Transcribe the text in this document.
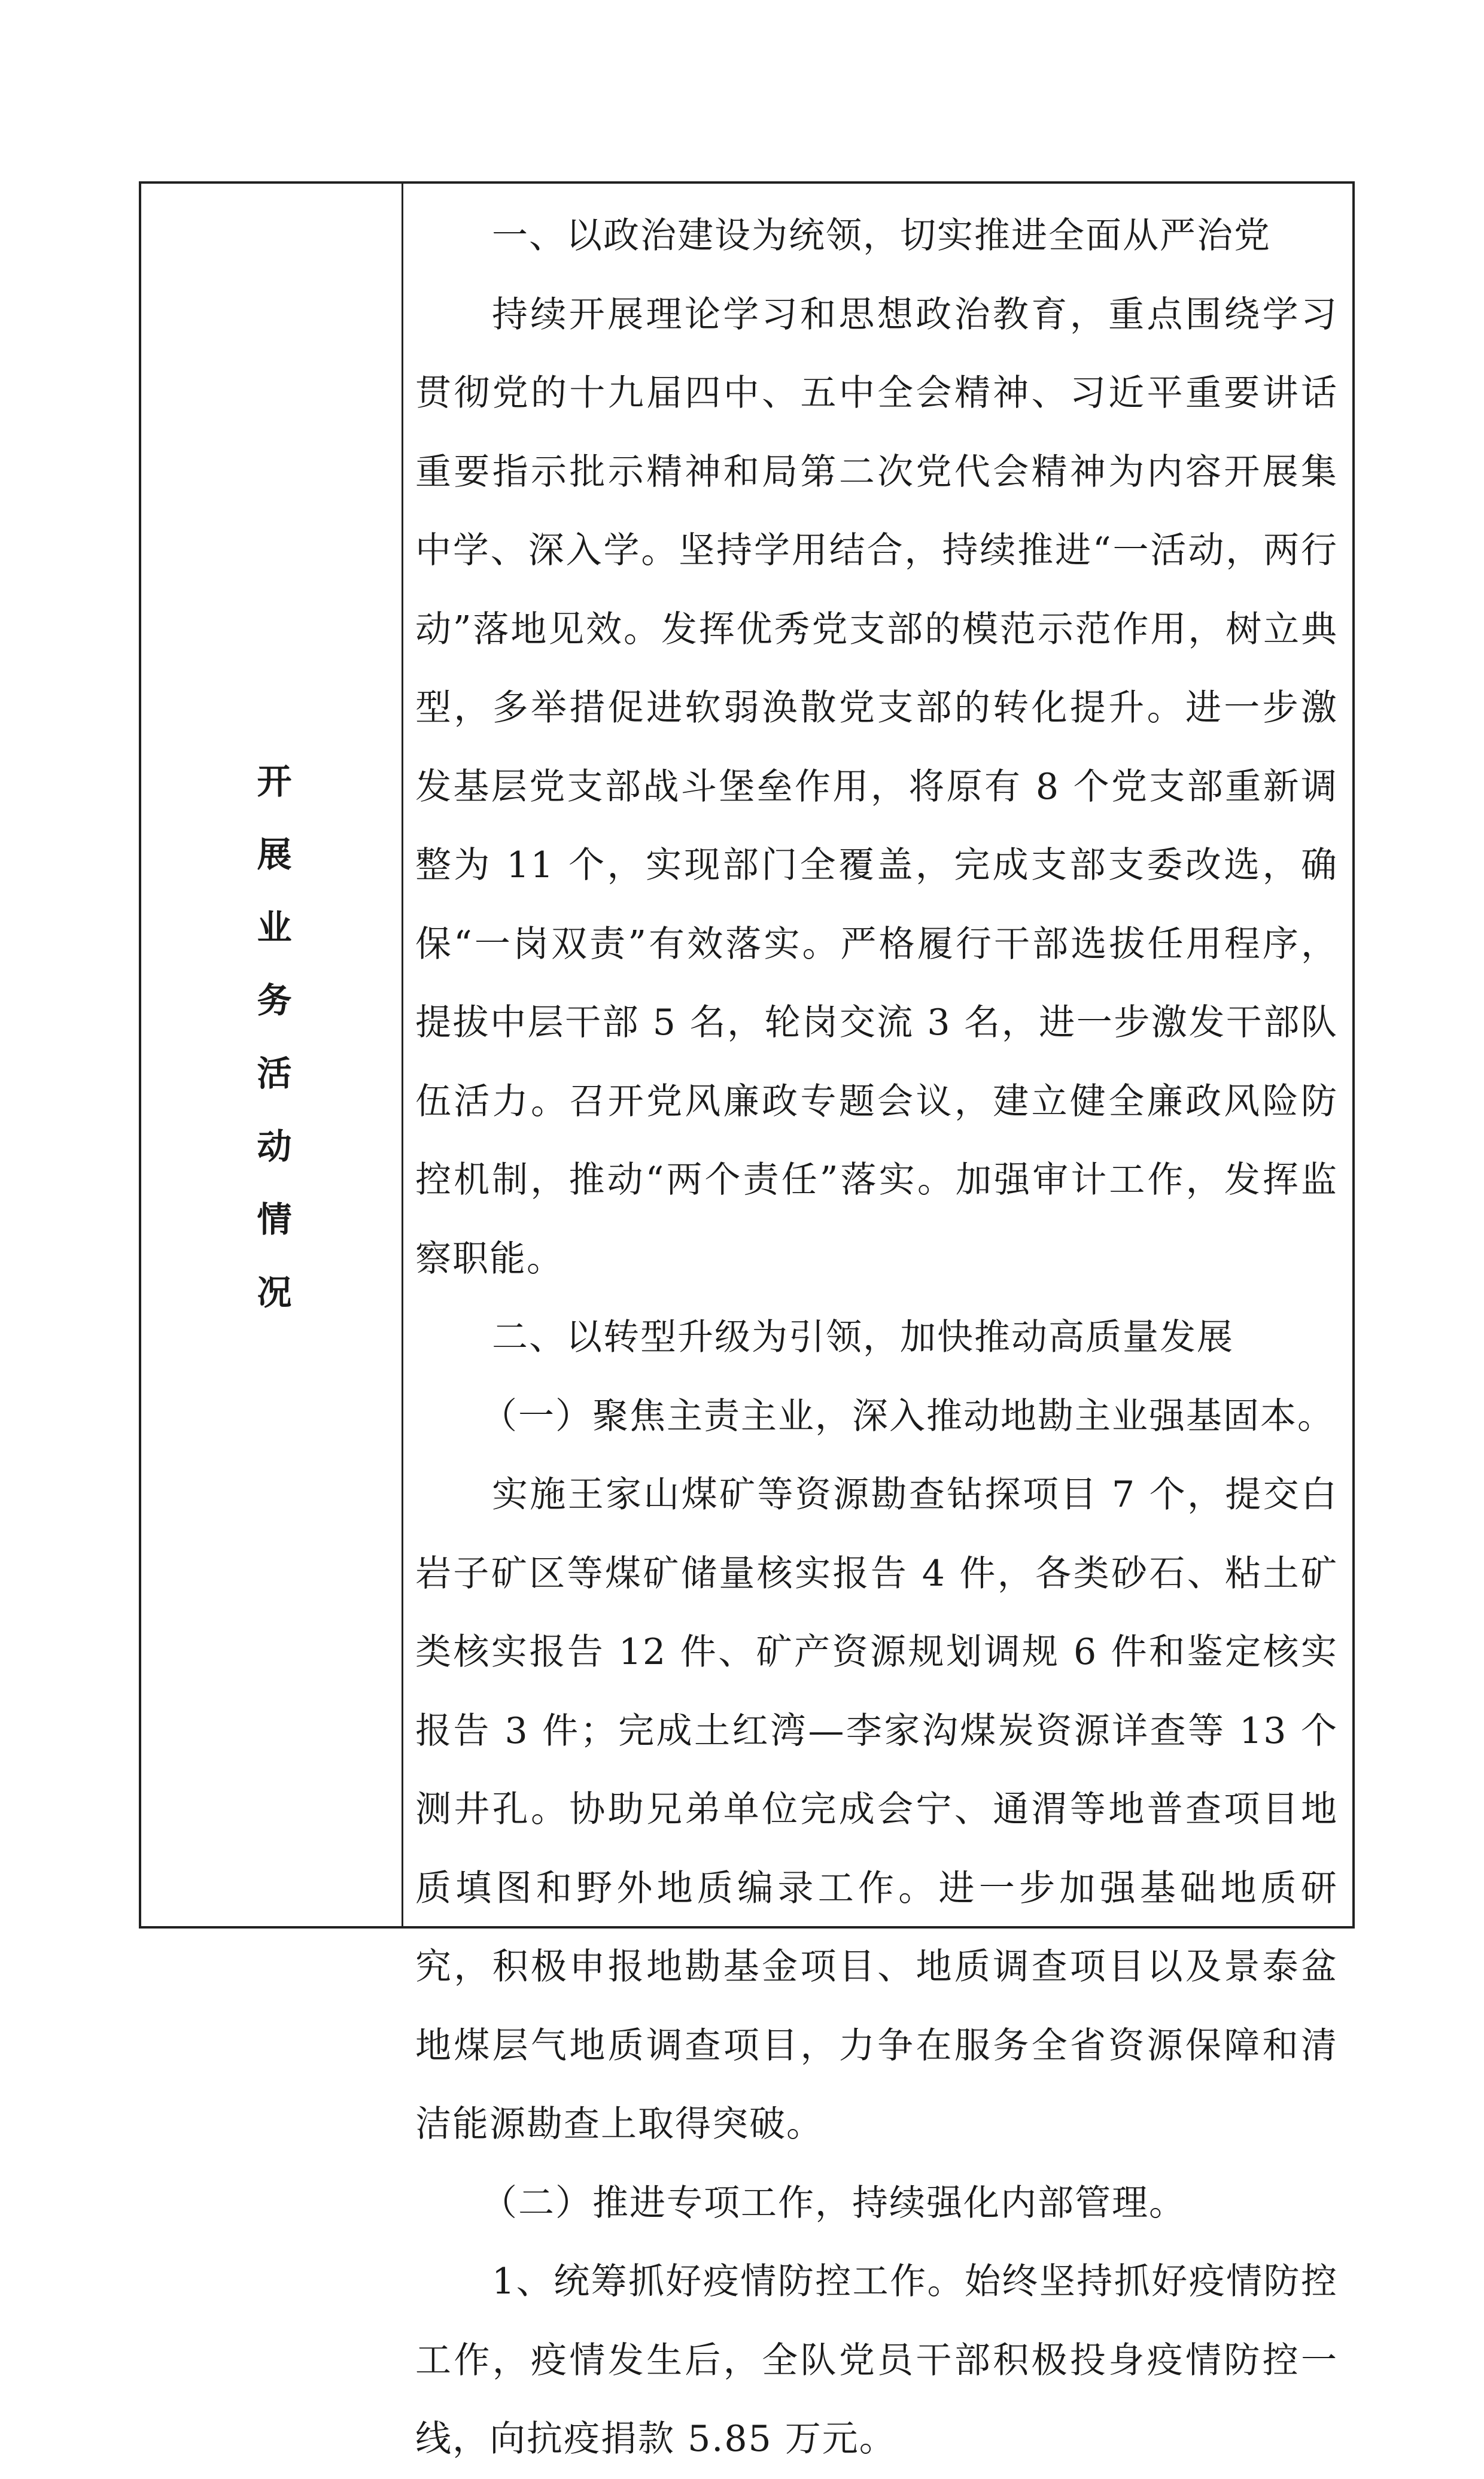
开展业务活动情况

一、以政治建设为统领，切实推进全面从严治党

持续开展理论学习和思想政治教育，重点围绕学习贯彻党的十九届四中、五中全会精神、习近平重要讲话重要指示批示精神和局第二次党代会精神为内容开展集中学、深入学。坚持学用结合，持续推进“一活动，两行动”落地见效。发挥优秀党支部的模范示范作用，树立典型，多举措促进软弱涣散党支部的转化提升。进一步激发基层党支部战斗堡垒作用，将原有 8 个党支部重新调整为 11 个，实现部门全覆盖，完成支部支委改选，确保“一岗双责”有效落实。严格履行干部选拔任用程序，提拔中层干部 5 名，轮岗交流 3 名，进一步激发干部队伍活力。召开党风廉政专题会议，建立健全廉政风险防控机制，推动“两个责任”落实。加强审计工作，发挥监察职能。

二、以转型升级为引领，加快推动高质量发展

（一）聚焦主责主业，深入推动地勘主业强基固本。

实施王家山煤矿等资源勘查钻探项目 7 个，提交白岩子矿区等煤矿储量核实报告 4 件，各类砂石、粘土矿类核实报告 12 件、矿产资源规划调规 6 件和鉴定核实报告 3 件；完成土红湾—李家沟煤炭资源详查等 13 个测井孔。协助兄弟单位完成会宁、通渭等地普查项目地质填图和野外地质编录工作。进一步加强基础地质研究，积极申报地勘基金项目、地质调查项目以及景泰盆地煤层气地质调查项目，力争在服务全省资源保障和清洁能源勘查上取得突破。

（二）推进专项工作，持续强化内部管理。

1、统筹抓好疫情防控工作。始终坚持抓好疫情防控工作，疫情发生后，全队党员干部积极投身疫情防控一线，向抗疫捐款 5.85 万元。
